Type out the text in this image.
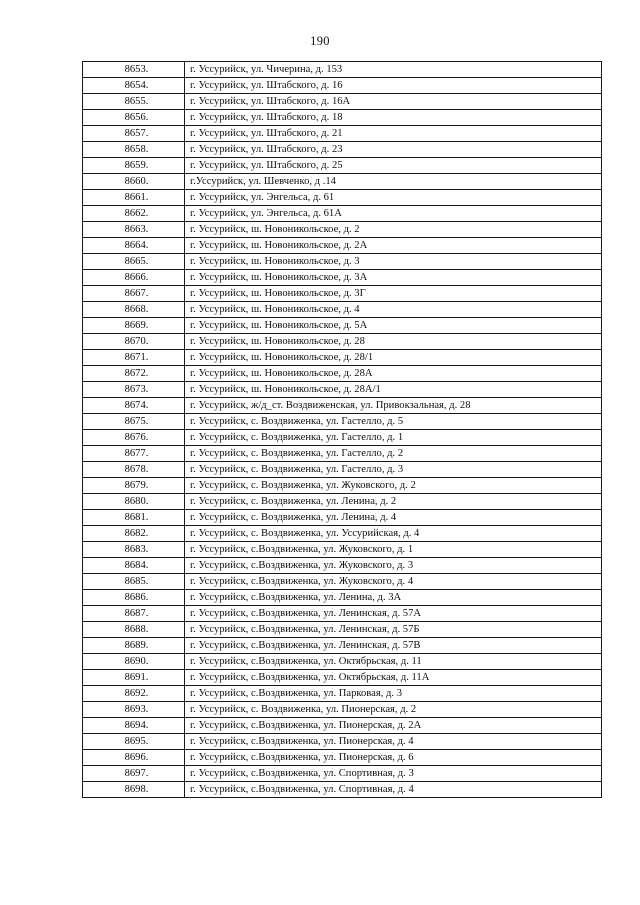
190
8653.	г. Уссурийск, ул. Чичерина, д. 153
8654.	г. Уссурийск, ул. Штабского, д. 16
8655.	г. Уссурийск, ул. Штабского, д. 16А
8656.	г. Уссурийск, ул. Штабского, д. 18
8657.	г. Уссурийск, ул. Штабского, д. 21
8658.	г. Уссурийск, ул. Штабского, д. 23
8659.	г. Уссурийск, ул. Штабского, д. 25
8660.	г.Уссурийск, ул. Шевченко, д .14
8661.	г. Уссурийск, ул. Энгельса, д. 61
8662.	г. Уссурийск, ул. Энгельса, д. 61А
8663.	г. Уссурийск, ш. Новоникольское, д. 2
8664.	г. Уссурийск, ш. Новоникольское, д. 2А
8665.	г. Уссурийск, ш. Новоникольское, д. 3
8666.	г. Уссурийск, ш. Новоникольское, д. 3А
8667.	г. Уссурийск, ш. Новоникольское, д. 3Г
8668.	г. Уссурийск, ш. Новоникольское, д. 4
8669.	г. Уссурийск, ш. Новоникольское, д. 5А
8670.	г. Уссурийск, ш. Новоникольское, д. 28
8671.	г. Уссурийск, ш. Новоникольское, д. 28/1
8672.	г. Уссурийск, ш. Новоникольское, д. 28А
8673.	г. Уссурийск, ш. Новоникольское, д. 28А/1
8674.	г. Уссурийск, ж/д_ст. Воздвиженская, ул. Привокзальная, д. 28
8675.	г. Уссурийск, с. Воздвиженка, ул. Гастелло, д. 5
8676.	г. Уссурийск, с. Воздвиженка, ул. Гастелло, д. 1
8677.	г. Уссурийск, с. Воздвиженка, ул. Гастелло, д. 2
8678.	г. Уссурийск, с. Воздвиженка, ул. Гастелло, д. 3
8679.	г. Уссурийск, с. Воздвиженка, ул. Жуковского, д. 2
8680.	г. Уссурийск, с. Воздвиженка, ул. Ленина, д. 2
8681.	г. Уссурийск, с. Воздвиженка, ул. Ленина, д. 4
8682.	г. Уссурийск, с. Воздвиженка, ул. Уссурийская, д. 4
8683.	г. Уссурийск, с.Воздвиженка, ул. Жуковского, д. 1
8684.	г. Уссурийск, с.Воздвиженка, ул. Жуковского, д. 3
8685.	г. Уссурийск, с.Воздвиженка, ул. Жуковского, д. 4
8686.	г. Уссурийск, с.Воздвиженка, ул. Ленина, д. 3А
8687.	г. Уссурийск, с.Воздвиженка, ул. Ленинская, д. 57А
8688.	г. Уссурийск, с.Воздвиженка, ул. Ленинская, д. 57Б
8689.	г. Уссурийск, с.Воздвиженка, ул. Ленинская, д. 57В
8690.	г. Уссурийск, с.Воздвиженка, ул. Октябрьская, д. 11
8691.	г. Уссурийск, с.Воздвиженка, ул. Октябрьская, д. 11А
8692.	г. Уссурийск, с.Воздвиженка, ул. Парковая, д. 3
8693.	г. Уссурийск, с. Воздвиженка, ул. Пионерская, д. 2
8694.	г. Уссурийск, с.Воздвиженка, ул. Пионерская, д. 2А
8695.	г. Уссурийск, с.Воздвиженка, ул. Пионерская, д. 4
8696.	г. Уссурийск, с.Воздвиженка, ул. Пионерская, д. 6
8697.	г. Уссурийск, с.Воздвиженка, ул. Спортивная, д. 3
8698.	г. Уссурийск, с.Воздвиженка, ул. Спортивная, д. 4
